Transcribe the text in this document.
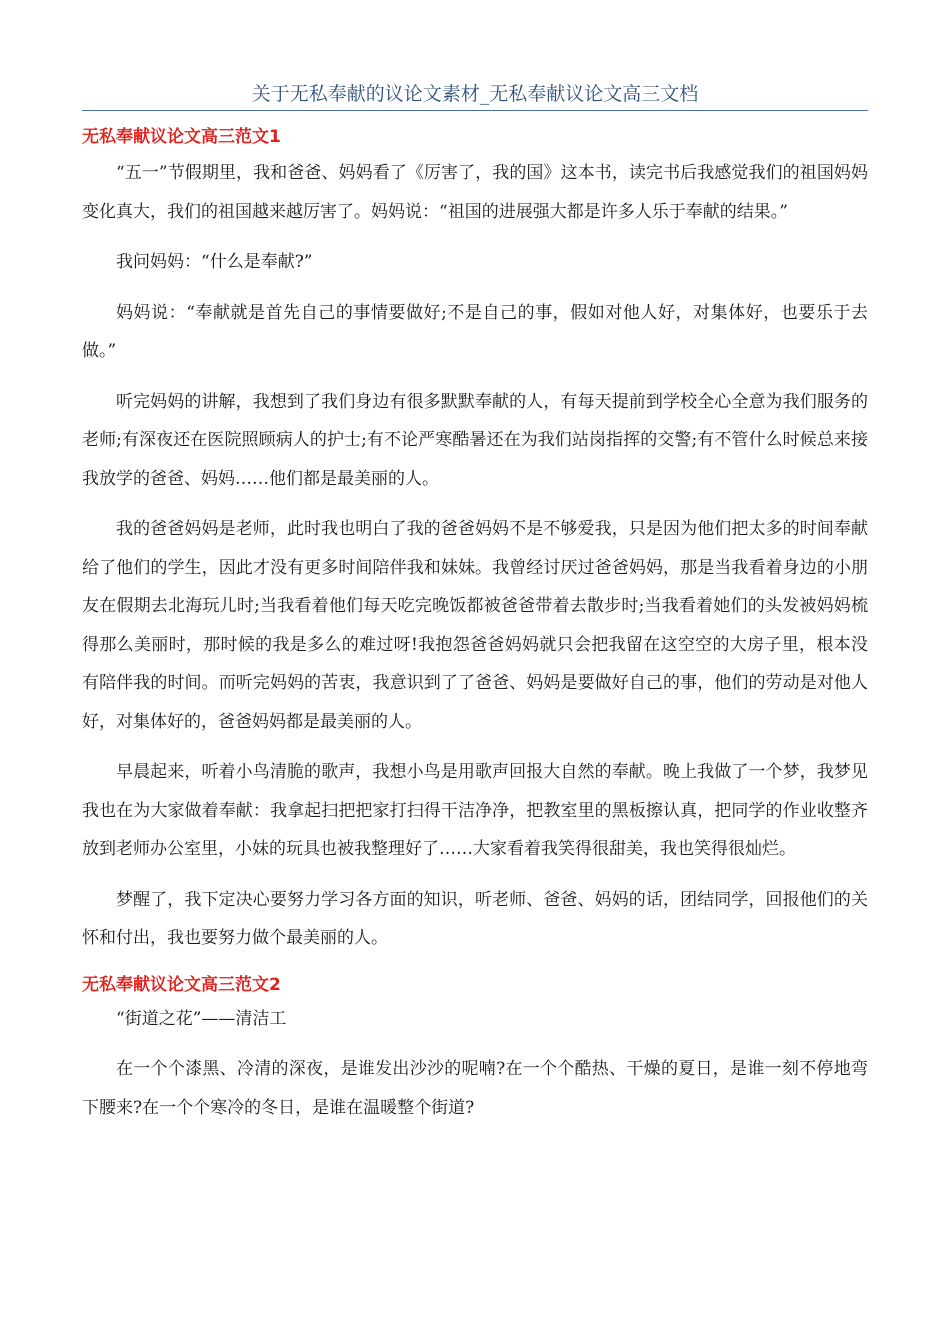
关于无私奉献的议论文素材_无私奉献议论文高三文档
无私奉献议论文高三范文1

“五一”节假期里，我和爸爸、妈妈看了《厉害了，我的国》这本书，读完书后我感觉我们的祖国妈妈变化真大，我们的祖国越来越厉害了。妈妈说：“祖国的进展强大都是许多人乐于奉献的结果。”

我问妈妈：“什么是奉献?”

妈妈说：“奉献就是首先自己的事情要做好;不是自己的事，假如对他人好，对集体好，也要乐于去做。”

听完妈妈的讲解，我想到了我们身边有很多默默奉献的人，有每天提前到学校全心全意为我们服务的老师;有深夜还在医院照顾病人的护士;有不论严寒酷暑还在为我们站岗指挥的交警;有不管什么时候总来接我放学的爸爸、妈妈……他们都是最美丽的人。

我的爸爸妈妈是老师，此时我也明白了我的爸爸妈妈不是不够爱我，只是因为他们把太多的时间奉献给了他们的学生，因此才没有更多时间陪伴我和妹妹。我曾经讨厌过爸爸妈妈，那是当我看着身边的小朋友在假期去北海玩儿时;当我看着他们每天吃完晚饭都被爸爸带着去散步时;当我看着她们的头发被妈妈梳得那么美丽时，那时候的我是多么的难过呀!我抱怨爸爸妈妈就只会把我留在这空空的大房子里，根本没有陪伴我的时间。而听完妈妈的苦衷，我意识到了了爸爸、妈妈是要做好自己的事，他们的劳动是对他人好，对集体好的，爸爸妈妈都是最美丽的人。

早晨起来，听着小鸟清脆的歌声，我想小鸟是用歌声回报大自然的奉献。晚上我做了一个梦，我梦见我也在为大家做着奉献：我拿起扫把把家打扫得干洁净净，把教室里的黑板擦认真，把同学的作业收整齐放到老师办公室里，小妹的玩具也被我整理好了……大家看着我笑得很甜美，我也笑得很灿烂。

梦醒了，我下定决心要努力学习各方面的知识，听老师、爸爸、妈妈的话，团结同学，回报他们的关怀和付出，我也要努力做个最美丽的人。

无私奉献议论文高三范文2

“街道之花”——清洁工

在一个个漆黑、冷清的深夜，是谁发出沙沙的呢喃?在一个个酷热、干燥的夏日，是谁一刻不停地弯下腰来?在一个个寒冷的冬日，是谁在温暖整个街道?
